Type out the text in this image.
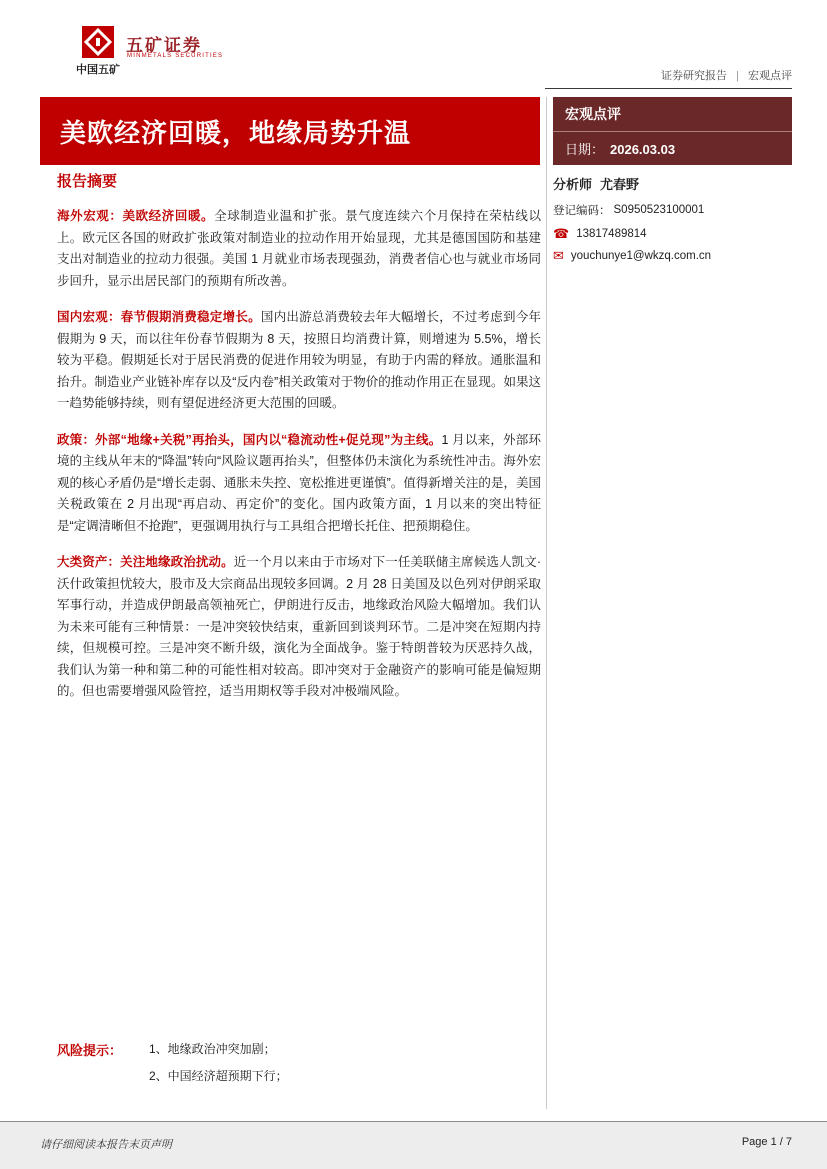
中国五矿
五矿证券
MINMETALS SECURITIES
证券研究报告 | 宏观点评
美欧经济回暖，地缘局势升温
宏观点评
日期： 2026.03.03
分析师 尤春野
登记编码： S0950523100001
☎ 13817489814
✉ youchunye1@wkzq.com.cn
报告摘要

海外宏观：美欧经济回暖。全球制造业温和扩张。景气度连续六个月保持在荣枯线以上。欧元区各国的财政扩张政策对制造业的拉动作用开始显现，尤其是德国国防和基建支出对制造业的拉动力很强。美国 1 月就业市场表现强劲，消费者信心也与就业市场同步回升，显示出居民部门的预期有所改善。

国内宏观：春节假期消费稳定增长。国内出游总消费较去年大幅增长，不过考虑到今年假期为 9 天，而以往年份春节假期为 8 天，按照日均消费计算，则增速为 5.5%，增长较为平稳。假期延长对于居民消费的促进作用较为明显，有助于内需的释放。通胀温和抬升。制造业产业链补库存以及“反内卷”相关政策对于物价的推动作用正在显现。如果这一趋势能够持续，则有望促进经济更大范围的回暖。

政策：外部“地缘+关税”再抬头，国内以“稳流动性+促兑现”为主线。1 月以来，外部环境的主线从年末的“降温”转向“风险议题再抬头”，但整体仍未演化为系统性冲击。海外宏观的核心矛盾仍是“增长走弱、通胀未失控、宽松推进更谨慎”。值得新增关注的是，美国关税政策在 2 月出现“再启动、再定价”的变化。国内政策方面，1 月以来的突出特征是“定调清晰但不抢跑”，更强调用执行与工具组合把增长托住、把预期稳住。

大类资产：关注地缘政治扰动。近一个月以来由于市场对下一任美联储主席候选人凯文·沃什政策担忧较大，股市及大宗商品出现较多回调。2 月 28 日美国及以色列对伊朗采取军事行动，并造成伊朗最高领袖死亡，伊朗进行反击，地缘政治风险大幅增加。我们认为未来可能有三种情景：一是冲突较快结束，重新回到谈判环节。二是冲突在短期内持续，但规模可控。三是冲突不断升级，演化为全面战争。鉴于特朗普较为厌恶持久战，我们认为第一种和第二种的可能性相对较高。即冲突对于金融资产的影响可能是偏短期的。但也需要增强风险管控，适当用期权等手段对冲极端风险。

风险提示：	1、地缘政治冲突加剧；
2、中国经济超预期下行；
请仔细阅读本报告末页声明	Page 1 / 7
